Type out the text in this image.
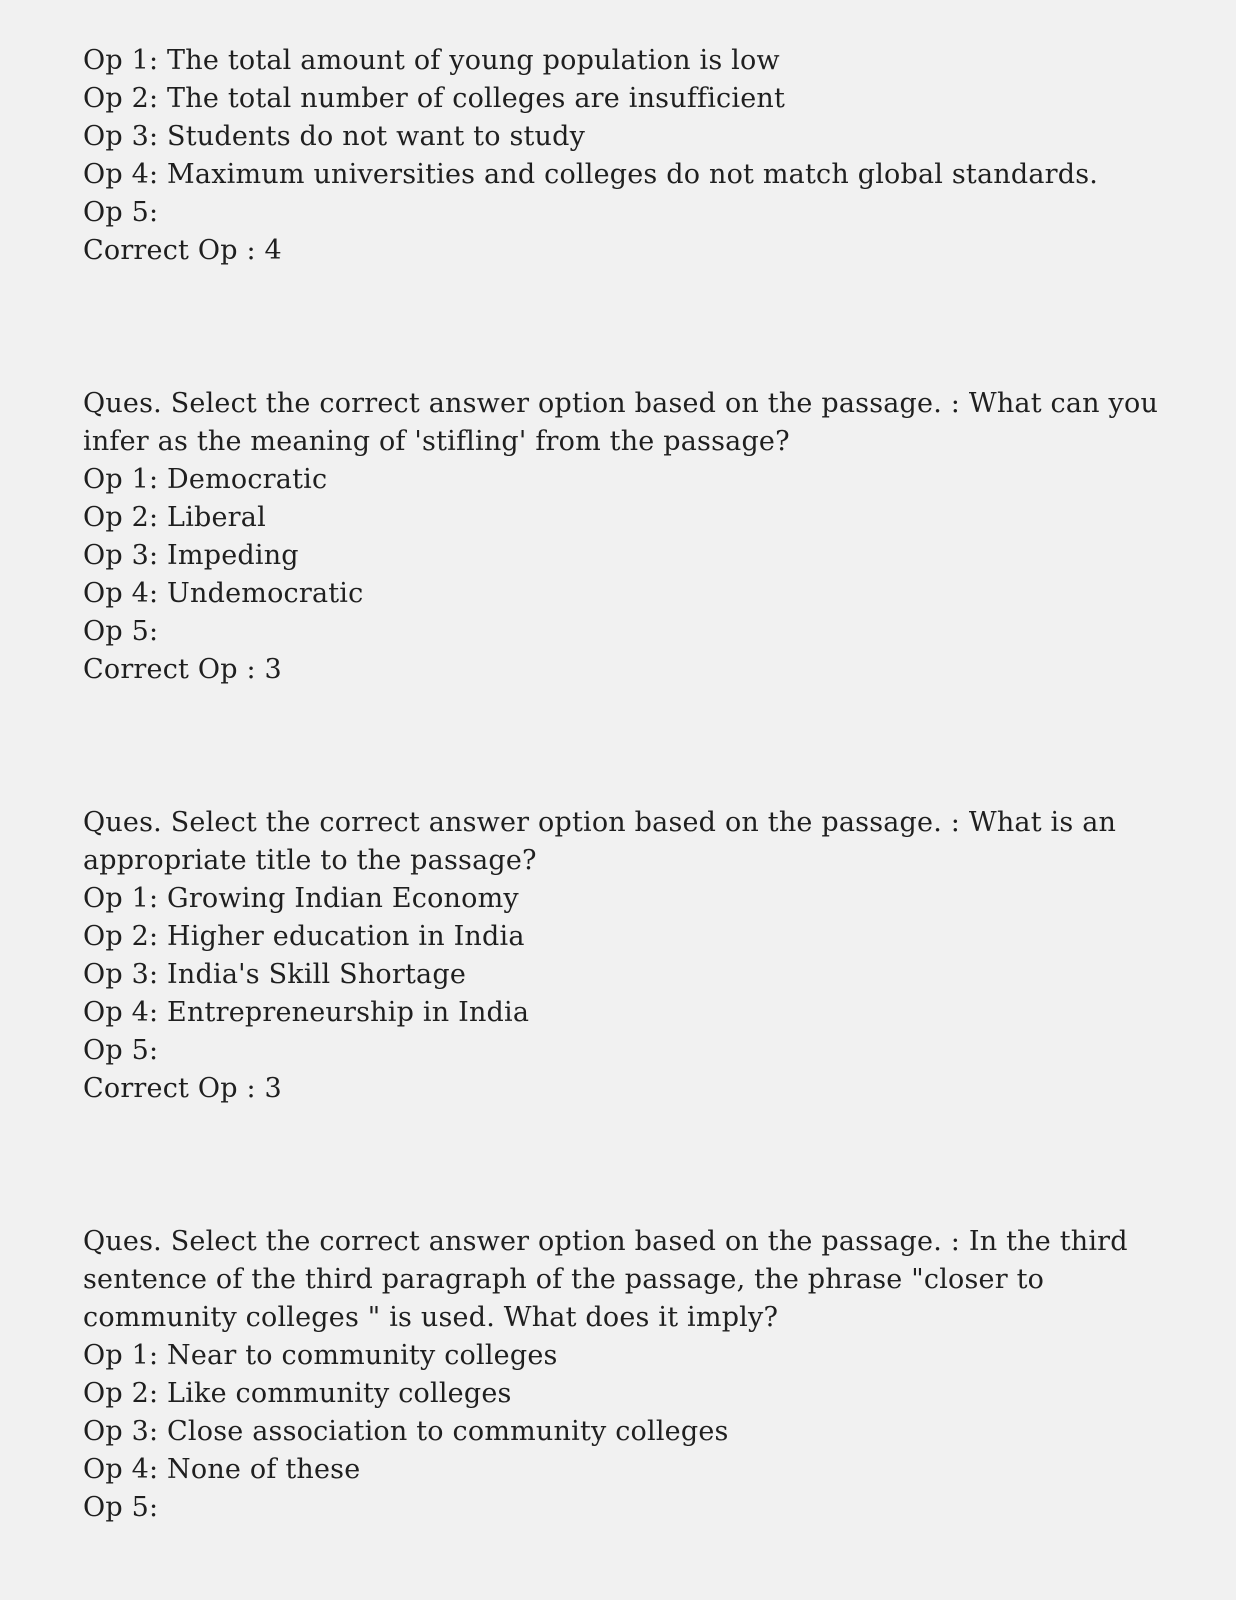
Op 1: The total amount of young population is low
Op 2: The total number of colleges are insufficient
Op 3: Students do not want to study
Op 4: Maximum universities and colleges do not match global standards.
Op 5:
Correct Op : 4
Ques. Select the correct answer option based on the passage. : What can you infer as the meaning of 'stifling' from the passage?
Op 1: Democratic
Op 2: Liberal
Op 3: Impeding
Op 4: Undemocratic
Op 5:
Correct Op : 3
Ques. Select the correct answer option based on the passage. : What is an appropriate title to the passage?
Op 1: Growing Indian Economy
Op 2: Higher education in India
Op 3: India's Skill Shortage
Op 4: Entrepreneurship in India
Op 5:
Correct Op : 3
Ques. Select the correct answer option based on the passage. : In the third sentence of the third paragraph of the passage, the phrase "closer to community colleges " is used. What does it imply?
Op 1: Near to community colleges
Op 2: Like community colleges
Op 3: Close association to community colleges
Op 4: None of these
Op 5:
